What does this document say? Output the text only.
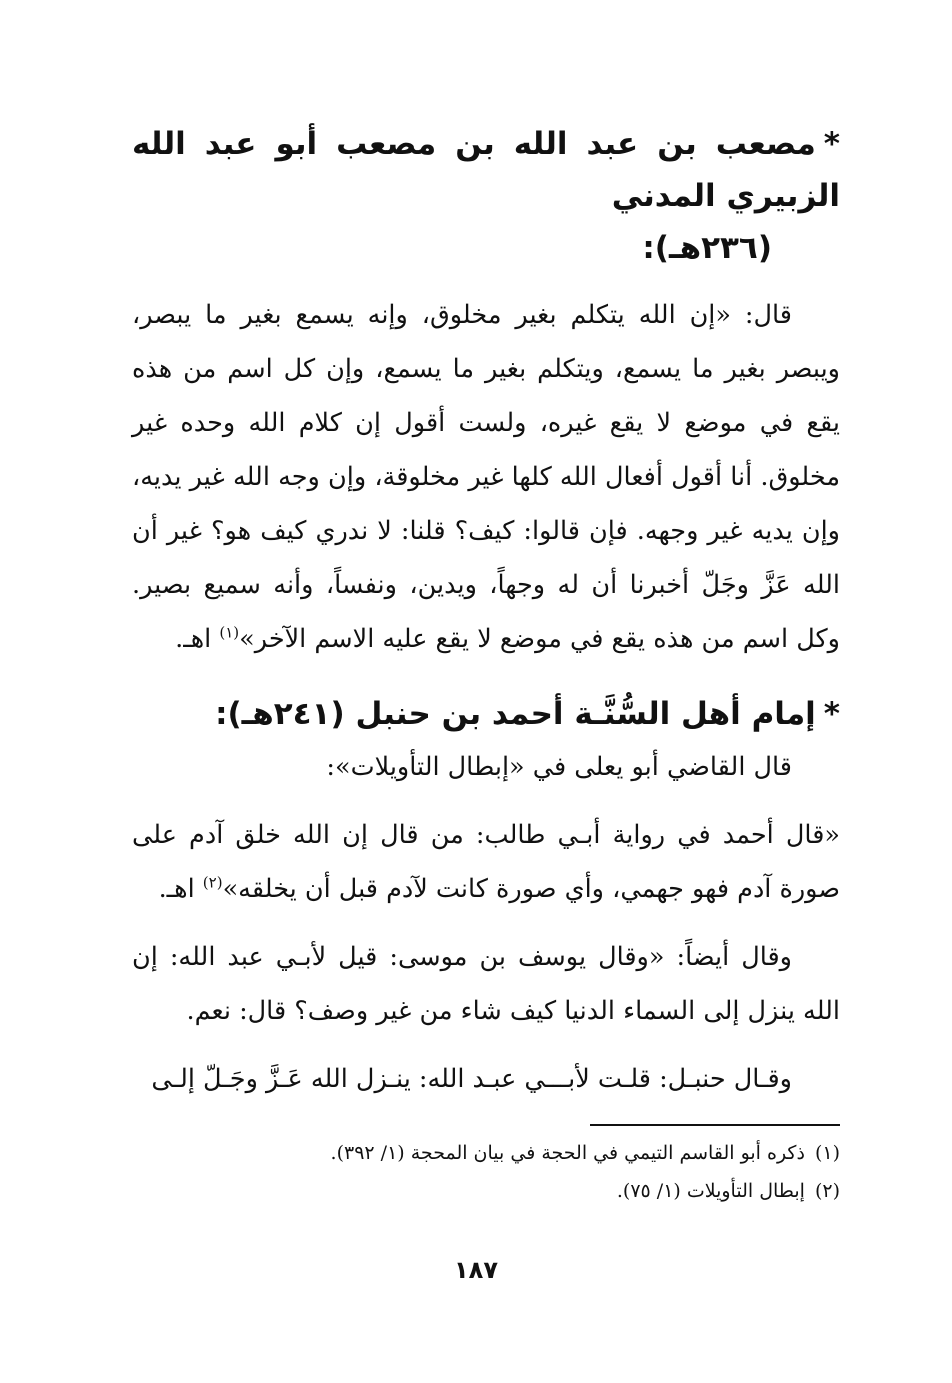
*مصعب بن عبد الله بن مصعب أبو عبد الله الزبيري المدني
(٢٣٦هـ):

قال: «إن الله يتكلم بغير مخلوق، وإنه يسمع بغير ما يبصر، ويبصر بغير ما يسمع، ويتكلم بغير ما يسمع، وإن كل اسم من هذه يقع في موضع لا يقع غيره، ولست أقول إن كلام الله وحده غير مخلوق. أنا أقول أفعال الله كلها غير مخلوقة، وإن وجه الله غير يديه، وإن يديه غير وجهه. فإن قالوا: كيف؟ قلنا: لا ندري كيف هو؟ غير أن الله عَزَّ وجَلّ أخبرنا أن له وجهاً، ويدين، ونفساً، وأنه سميع بصير. وكل اسم من هذه يقع في موضع لا يقع عليه الاسم الآخر»$^{(١)}$ اهـ.

*إمام أهل السُّنَّـة أحمد بن حنبل (٢٤١هـ):

قال القاضي أبو يعلى في «إبطال التأويلات»:

«قال أحمد في رواية أبـي طالب: من قال إن الله خلق آدم على صورة آدم فهو جهمي، وأي صورة كانت لآدم قبل أن يخلقه»$^{(٢)}$ اهـ.

وقال أيضاً: «وقال يوسف بن موسى: قيل لأبـي عبد الله: إن الله ينزل إلى السماء الدنيا كيف شاء من غير وصف؟ قال: نعم.

وقـال حنبـل: قلـت لأبـــي عبـد الله: ينـزل الله عَـزَّ وجَـلّ إلـى

(١)ذكره أبو القاسم التيمي في الحجة في بيان المحجة (١/ ٣٩٢).

(٢)إبطال التأويلات (١/ ٧٥).

١٨٧
